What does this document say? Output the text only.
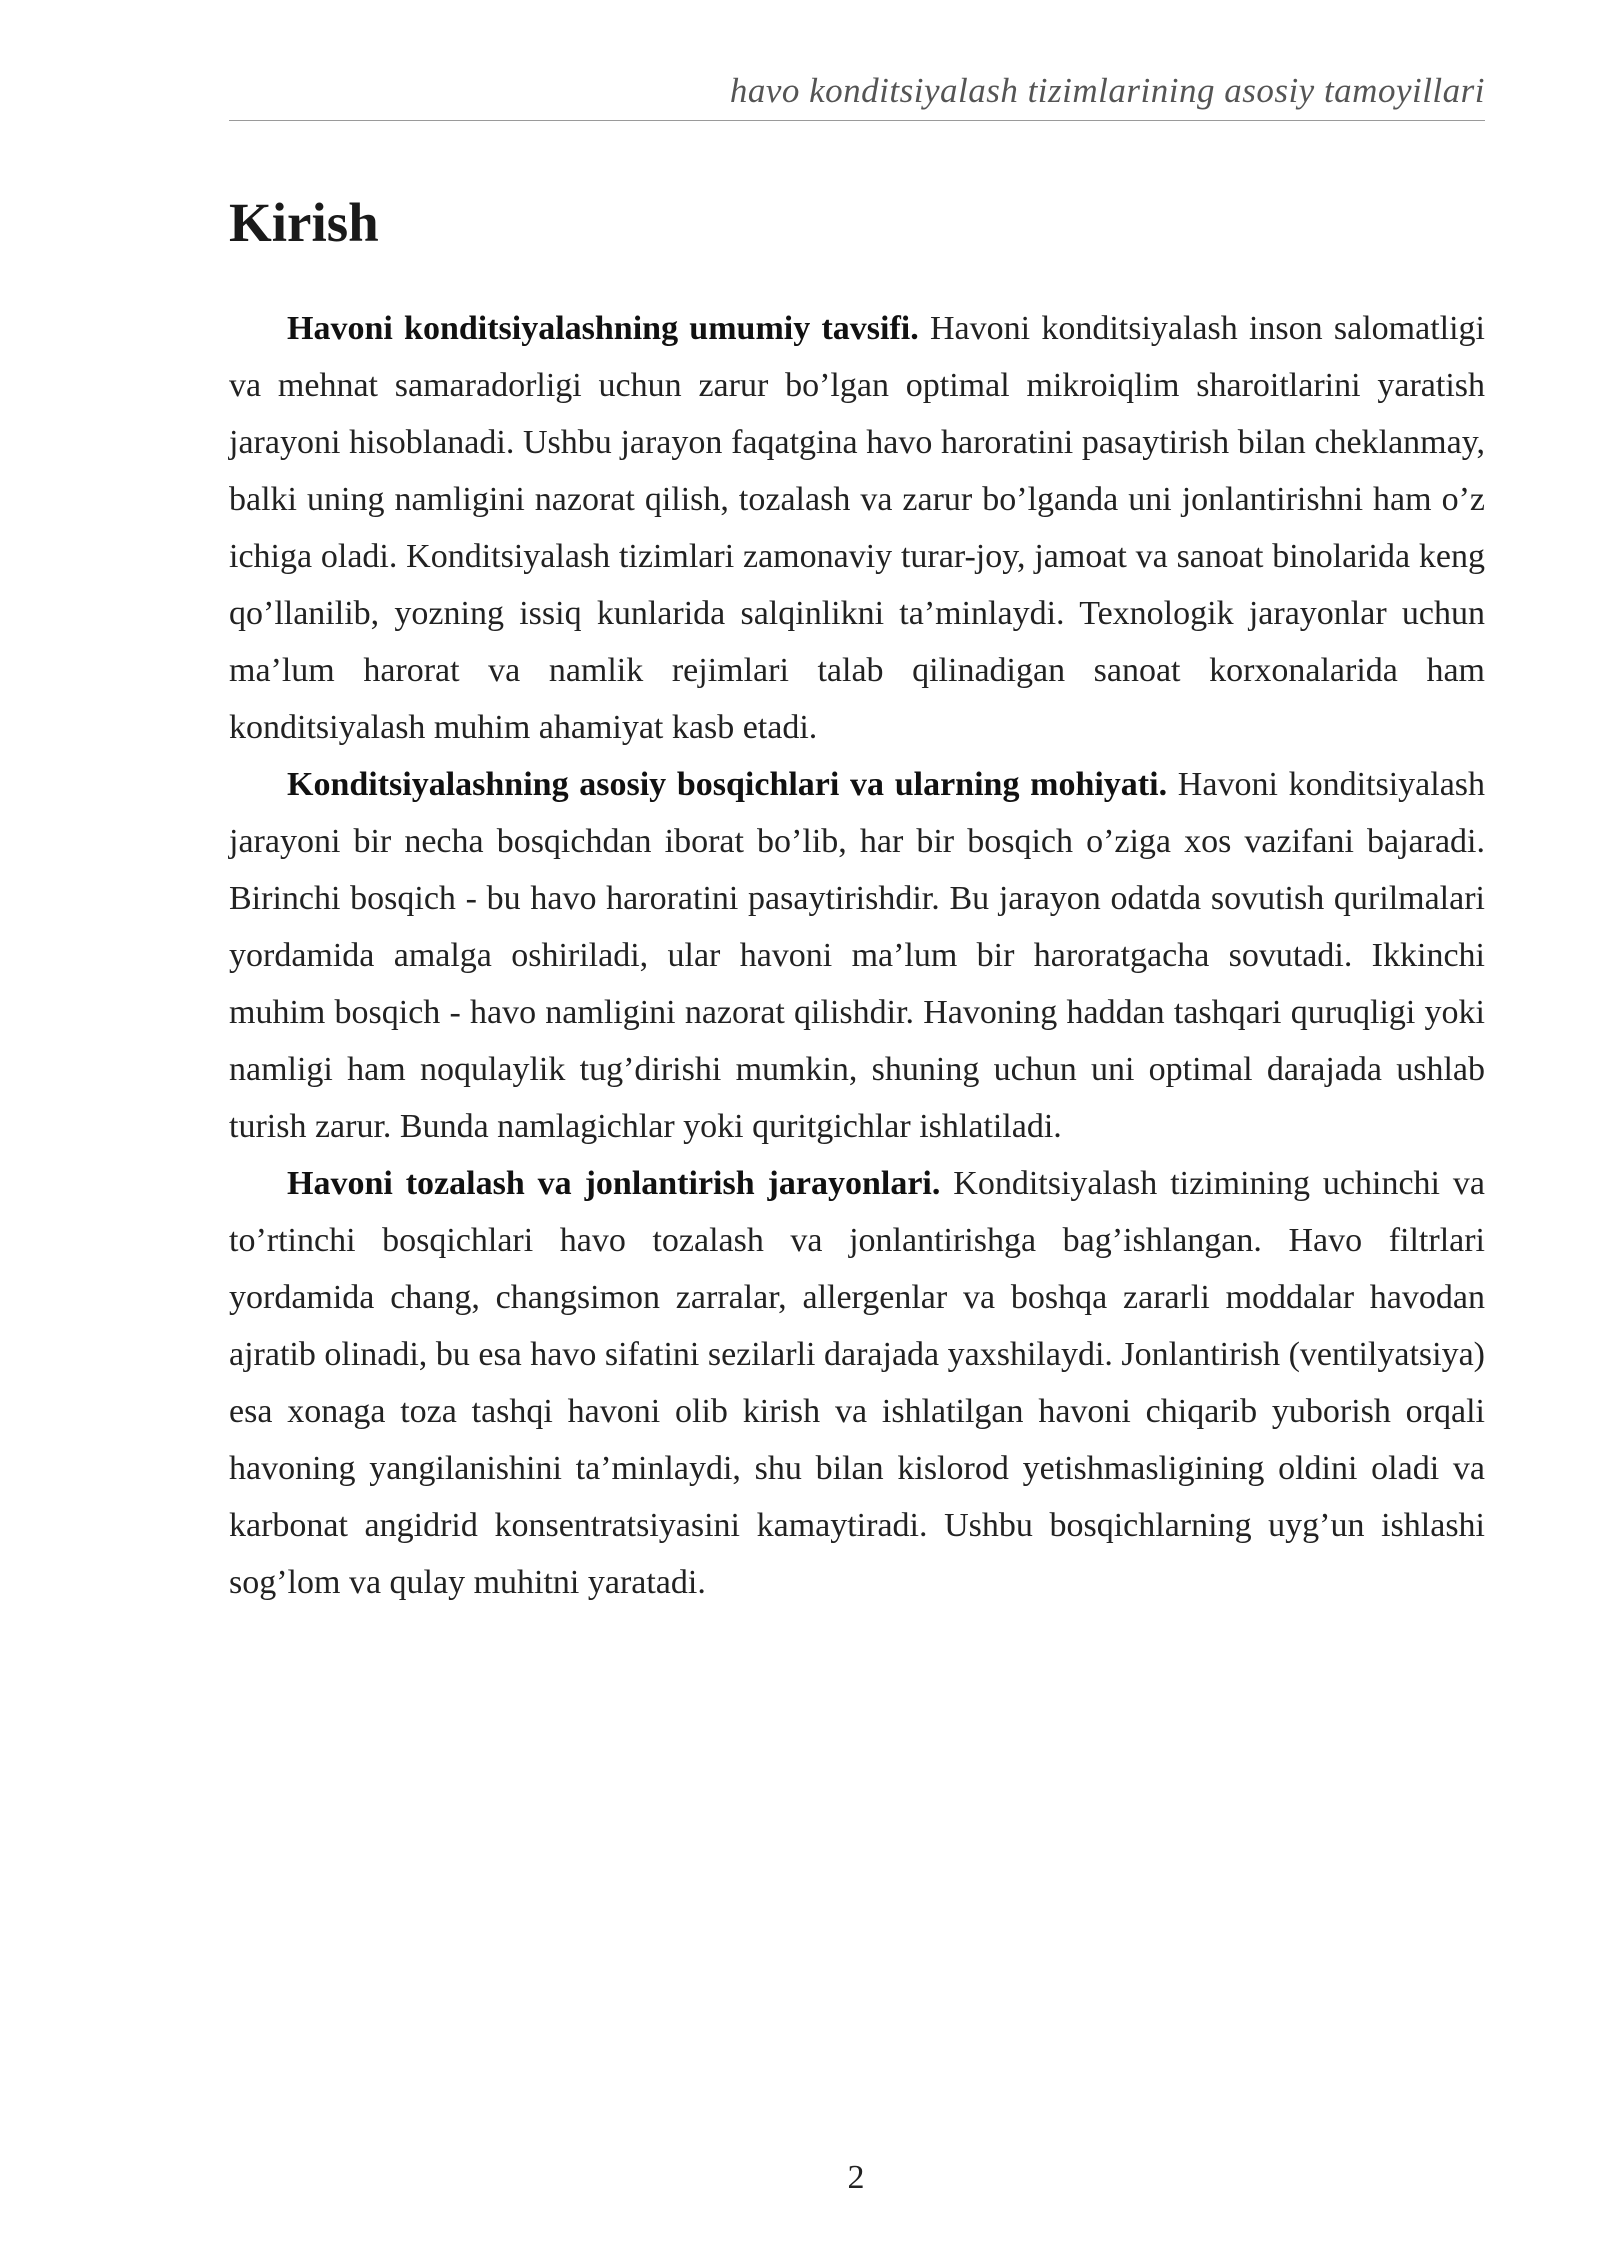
havo konditsiyalash tizimlarining asosiy tamoyillari
Kirish

Havoni konditsiyalashning umumiy tavsifi. Havoni konditsiyalash inson salomatligi va mehnat samaradorligi uchun zarur bo’lgan optimal mikroiqlim sharoitlarini yaratish jarayoni hisoblanadi. Ushbu jarayon faqatgina havo haroratini pasaytirish bilan cheklanmay, balki uning namligini nazorat qilish, tozalash va zarur bo’lganda uni jonlantirishni ham o’z ichiga oladi. Konditsiyalash tizimlari zamonaviy turar-joy, jamoat va sanoat binolarida keng qo’llanilib, yozning issiq kunlarida salqinlikni ta’minlaydi. Texnologik jarayonlar uchun ma’lum harorat va namlik rejimlari talab qilinadigan sanoat korxonalarida ham konditsiyalash muhim ahamiyat kasb etadi.

Konditsiyalashning asosiy bosqichlari va ularning mohiyati. Havoni konditsiyalash jarayoni bir necha bosqichdan iborat bo’lib, har bir bosqich o’ziga xos vazifani bajaradi. Birinchi bosqich - bu havo haroratini pasaytirishdir. Bu jarayon odatda sovutish qurilmalari yordamida amalga oshiriladi, ular havoni ma’lum bir haroratgacha sovutadi. Ikkinchi muhim bosqich - havo namligini nazorat qilishdir. Havoning haddan tashqari quruqligi yoki namligi ham noqulaylik tug’dirishi mumkin, shuning uchun uni optimal darajada ushlab turish zarur. Bunda namlagichlar yoki quritgichlar ishlatiladi.

Havoni tozalash va jonlantirish jarayonlari. Konditsiyalash tizimining uchinchi va to’rtinchi bosqichlari havo tozalash va jonlantirishga bag’ishlangan. Havo filtrlari yordamida chang, changsimon zarralar, allergenlar va boshqa zararli moddalar havodan ajratib olinadi, bu esa havo sifatini sezilarli darajada yaxshilaydi. Jonlantirish (ventilyatsiya) esa xonaga toza tashqi havoni olib kirish va ishlatilgan havoni chiqarib yuborish orqali havoning yangilanishini ta’minlaydi, shu bilan kislorod yetishmasligining oldini oladi va karbonat angidrid konsentratsiyasini kamaytiradi. Ushbu bosqichlarning uyg’un ishlashi sog’lom va qulay muhitni yaratadi.

2
